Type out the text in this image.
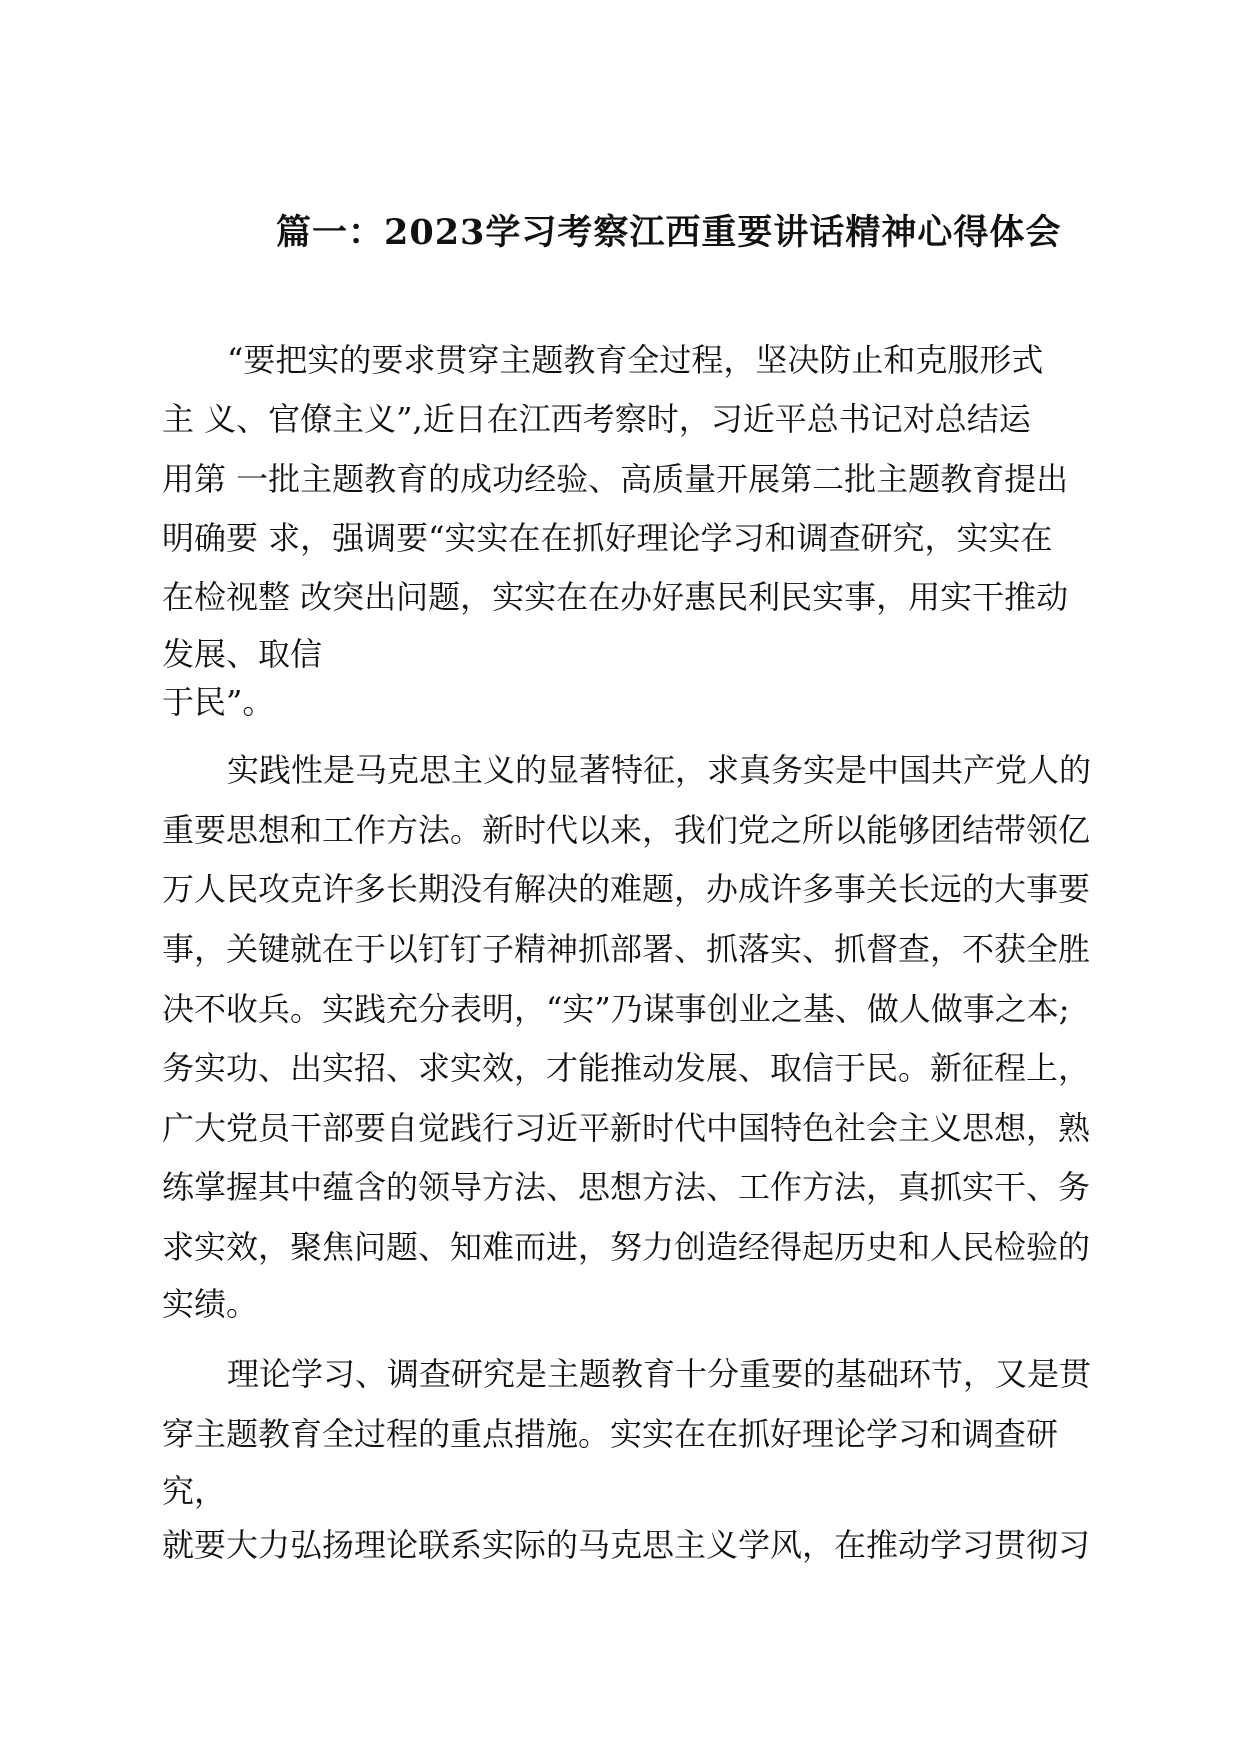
篇一：2023学习考察江西重要讲话精神心得体会
“要把实的要求贯穿主题教育全过程，坚决防止和克服形式
主 义、官僚主义”,近日在江西考察时，习近平总书记对总结运
用第 一批主题教育的成功经验、高质量开展第二批主题教育提出
明确要 求，强调要“实实在在抓好理论学习和调查研究，实实在
在检视整 改突出问题，实实在在办好惠民利民实事，用实干推动
发展、取信
于民”。
实践性是马克思主义的显著特征，求真务实是中国共产党人的
重要思想和工作方法。新时代以来，我们党之所以能够团结带领亿
万人民攻克许多长期没有解决的难题，办成许多事关长远的大事要
事，关键就在于以钉钉子精神抓部署、抓落实、抓督查，不获全胜
决不收兵。实践充分表明，“实”乃谋事创业之基、做人做事之本;
务实功、出实招、求实效，才能推动发展、取信于民。新征程上，
广大党员干部要自觉践行习近平新时代中国特色社会主义思想，熟
练掌握其中蕴含的领导方法、思想方法、工作方法，真抓实干、务
求实效，聚焦问题、知难而进，努力创造经得起历史和人民检验的
实绩。
理论学习、调查研究是主题教育十分重要的基础环节，又是贯
穿主题教育全过程的重点措施。实实在在抓好理论学习和调查研
究，
就要大力弘扬理论联系实际的马克思主义学风，在推动学习贯彻习
